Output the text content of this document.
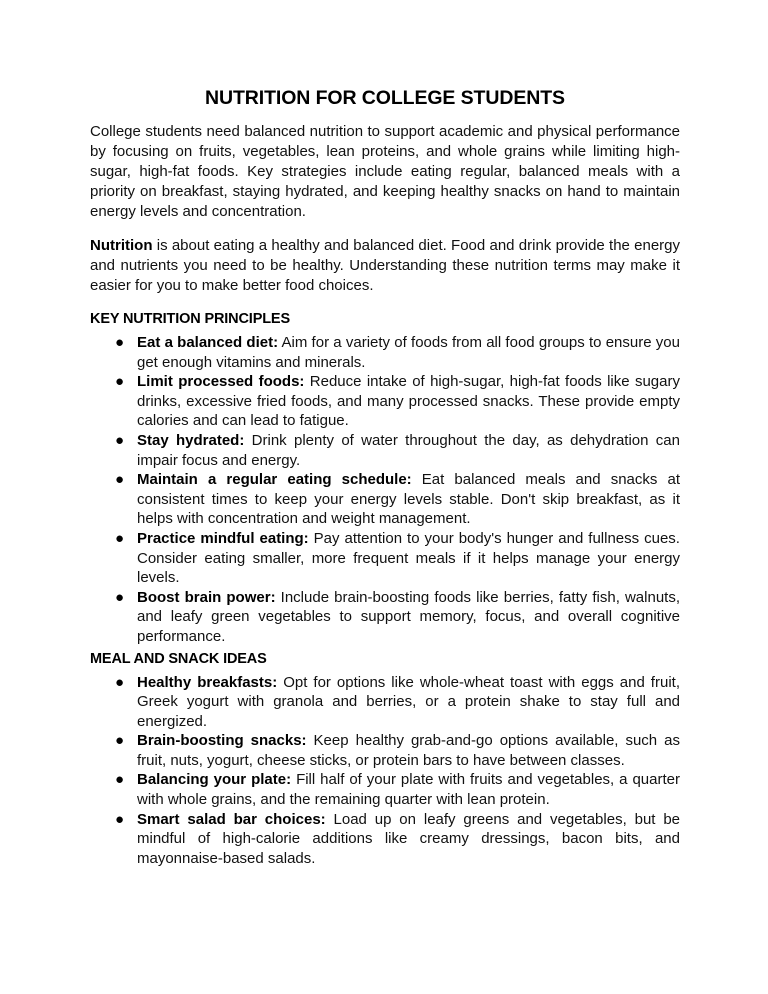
NUTRITION FOR COLLEGE STUDENTS

College students need balanced nutrition to support academic and physical performance by focusing on fruits, vegetables, lean proteins, and whole grains while limiting high-sugar, high-fat foods. Key strategies include eating regular, balanced meals with a priority on breakfast, staying hydrated, and keeping healthy snacks on hand to maintain energy levels and concentration.

Nutrition is about eating a healthy and balanced diet. Food and drink provide the energy and nutrients you need to be healthy. Understanding these nutrition terms may make it easier for you to make better food choices.

KEY NUTRITION PRINCIPLES
● Eat a balanced diet: Aim for a variety of foods from all food groups to ensure you get enough vitamins and minerals.
● Limit processed foods: Reduce intake of high-sugar, high-fat foods like sugary drinks, excessive fried foods, and many processed snacks. These provide empty calories and can lead to fatigue.
● Stay hydrated: Drink plenty of water throughout the day, as dehydration can impair focus and energy.
● Maintain a regular eating schedule: Eat balanced meals and snacks at consistent times to keep your energy levels stable. Don't skip breakfast, as it helps with concentration and weight management.
● Practice mindful eating: Pay attention to your body's hunger and fullness cues. Consider eating smaller, more frequent meals if it helps manage your energy levels.
● Boost brain power: Include brain-boosting foods like berries, fatty fish, walnuts, and leafy green vegetables to support memory, focus, and overall cognitive performance.
MEAL AND SNACK IDEAS
● Healthy breakfasts: Opt for options like whole-wheat toast with eggs and fruit, Greek yogurt with granola and berries, or a protein shake to stay full and energized.
● Brain-boosting snacks: Keep healthy grab-and-go options available, such as fruit, nuts, yogurt, cheese sticks, or protein bars to have between classes.
● Balancing your plate: Fill half of your plate with fruits and vegetables, a quarter with whole grains, and the remaining quarter with lean protein.
● Smart salad bar choices: Load up on leafy greens and vegetables, but be mindful of high-calorie additions like creamy dressings, bacon bits, and mayonnaise-based salads.
